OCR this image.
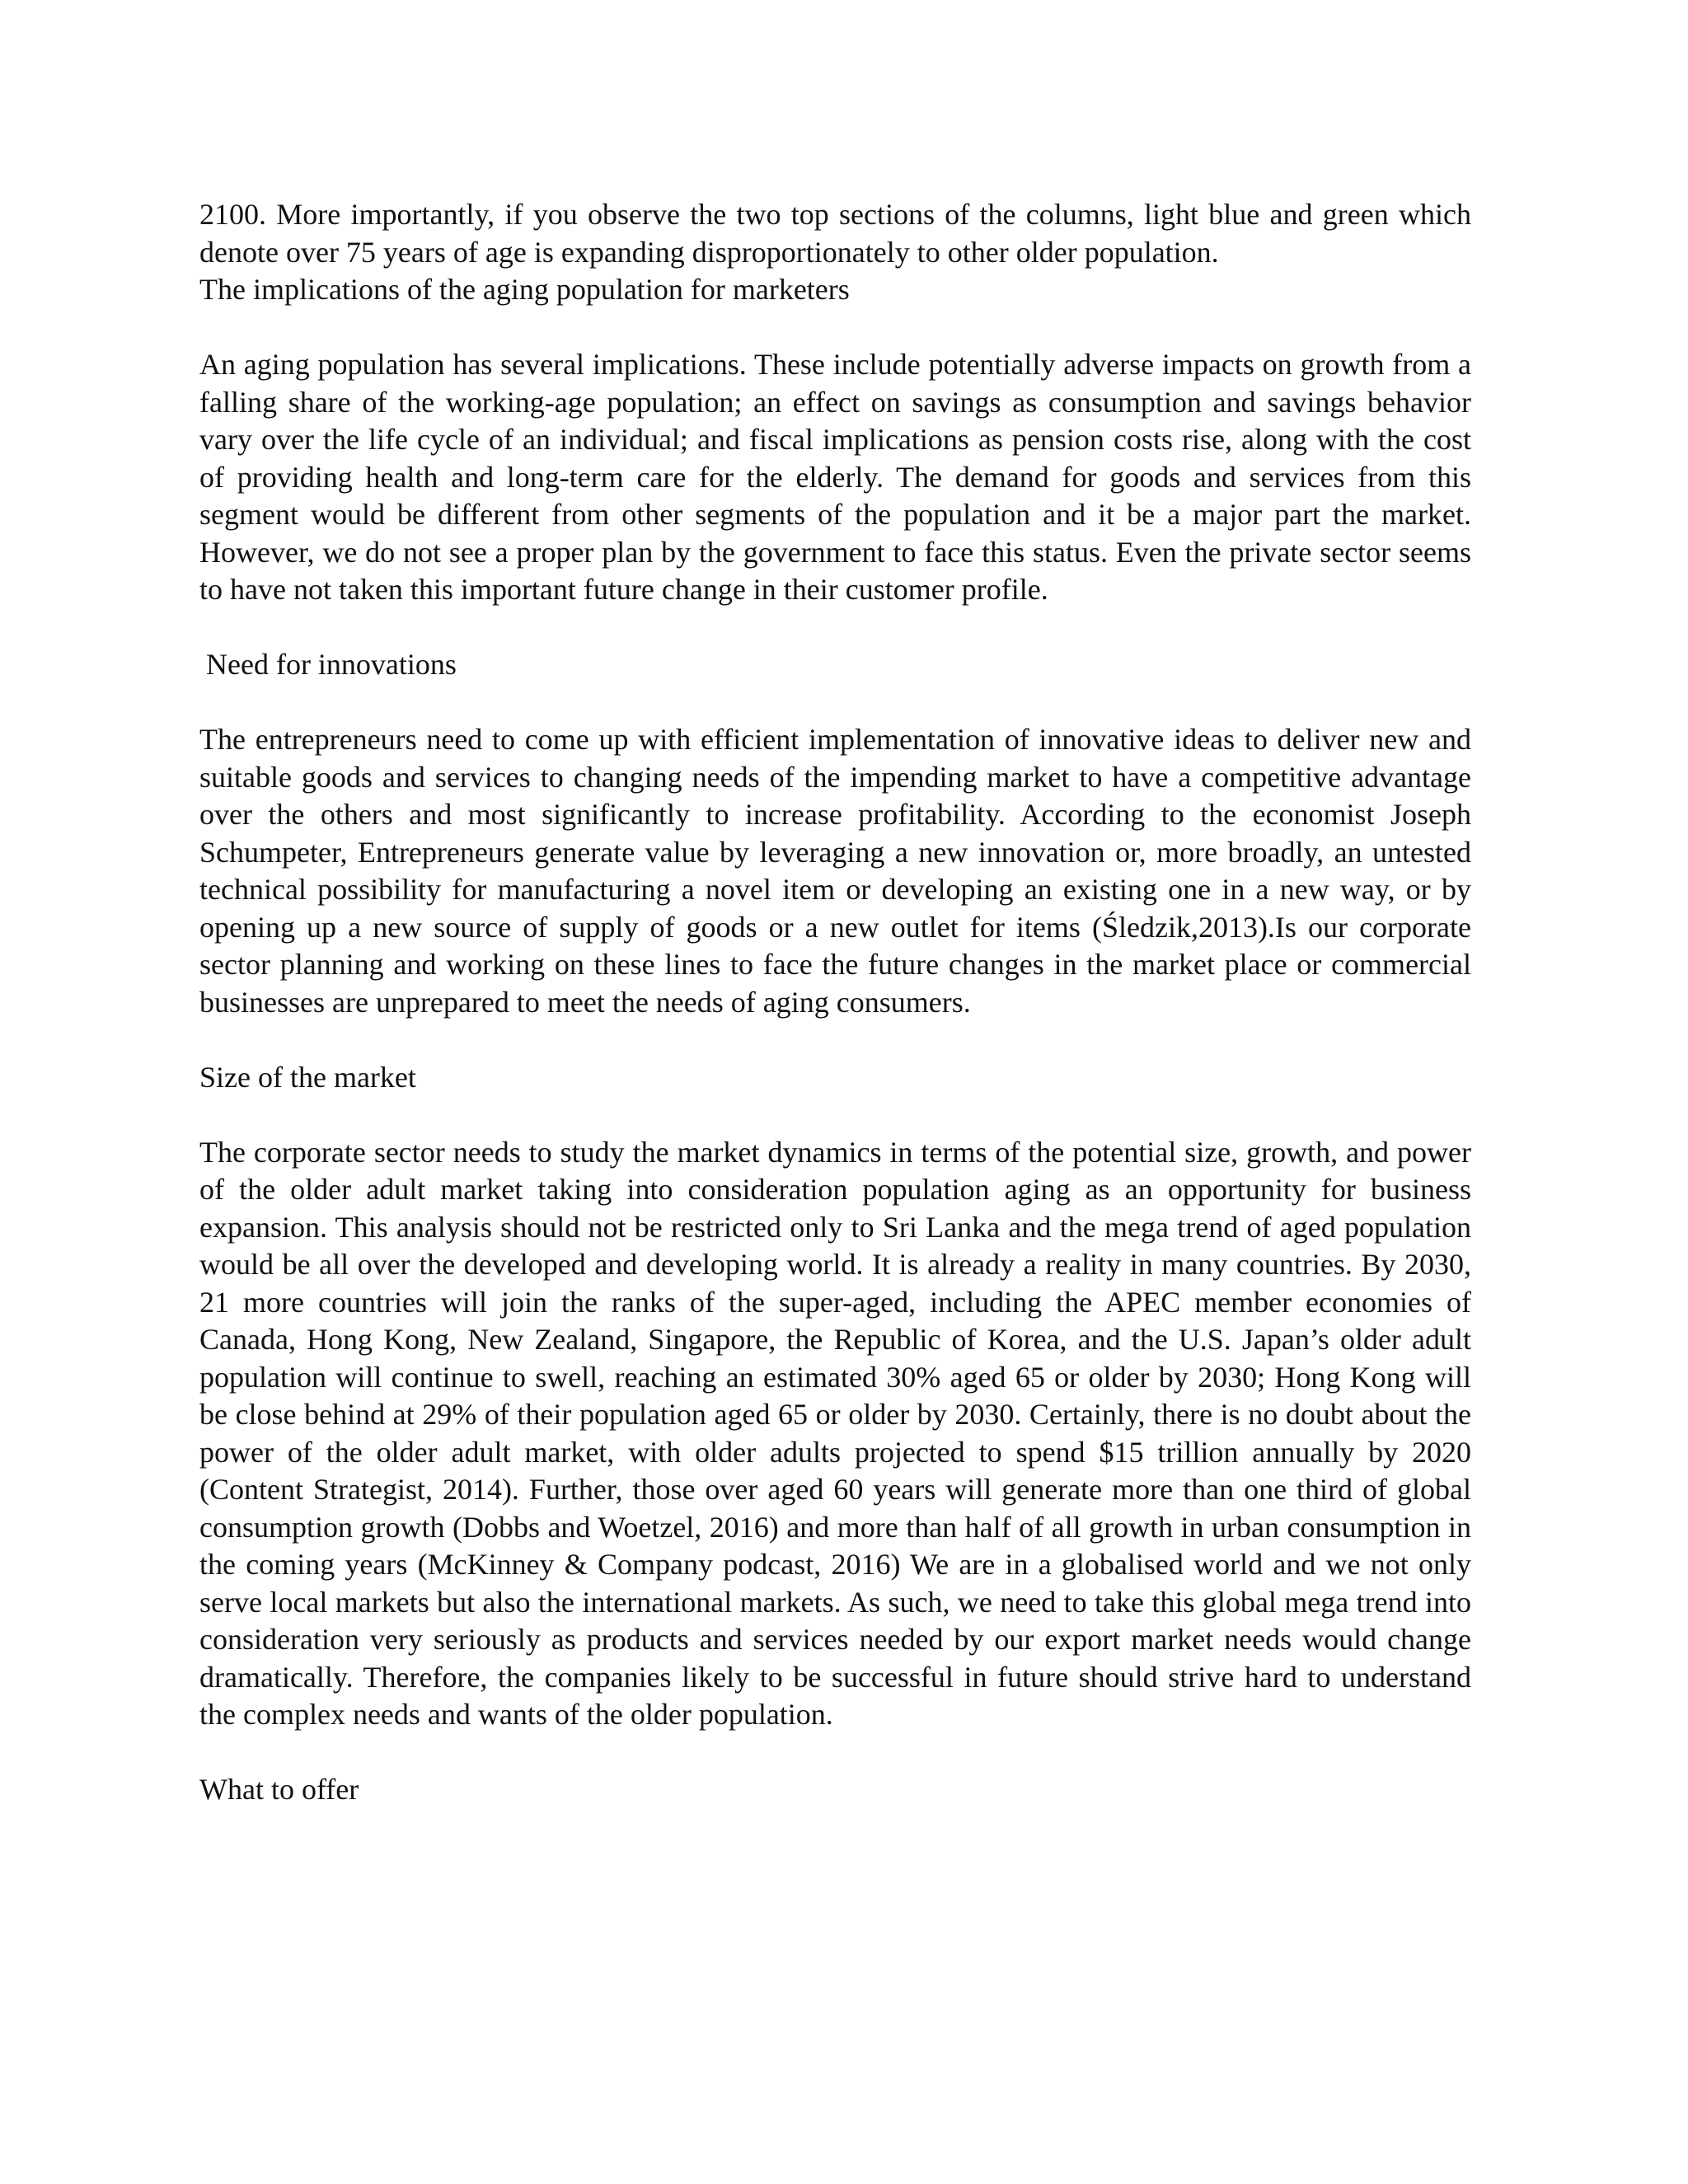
2100. More importantly, if you observe the two top sections of the columns, light blue and green which denote over 75 years of age is expanding disproportionately to other older population.

The implications of the aging population for marketers

An aging population has several implications. These include potentially adverse impacts on growth from a falling share of the working-age population; an effect on savings as consumption and savings behavior vary over the life cycle of an individual; and fiscal implications as pension costs rise, along with the cost of providing health and long-term care for the elderly. The demand for goods and services from this segment would be different from other segments of the population and it be a major part the market. However, we do not see a proper plan by the government to face this status. Even the private sector seems to have not taken this important future change in their customer profile.

Need for innovations

The entrepreneurs need to come up with efficient implementation of innovative ideas to deliver new and suitable goods and services to changing needs of the impending market to have a competitive advantage over the others and most significantly to increase profitability. According to the economist Joseph Schumpeter, Entrepreneurs generate value by leveraging a new innovation or, more broadly, an untested technical possibility for manufacturing a novel item or developing an existing one in a new way, or by opening up a new source of supply of goods or a new outlet for items (Śledzik,2013).Is our corporate sector planning and working on these lines to face the future changes in the market place or commercial businesses are unprepared to meet the needs of aging consumers.

Size of the market

The corporate sector needs to study the market dynamics in terms of the potential size, growth, and power of the older adult market taking into consideration population aging as an opportunity for business expansion. This analysis should not be restricted only to Sri Lanka and the mega trend of aged population would be all over the developed and developing world. It is already a reality in many countries. By 2030, 21 more countries will join the ranks of the super-aged, including the APEC member economies of Canada, Hong Kong, New Zealand, Singapore, the Republic of Korea, and the U.S. Japan’s older adult population will continue to swell, reaching an estimated 30% aged 65 or older by 2030; Hong Kong will be close behind at 29% of their population aged 65 or older by 2030. Certainly, there is no doubt about the power of the older adult market, with older adults projected to spend $15 trillion annually by 2020 (Content Strategist, 2014). Further, those over aged 60 years will generate more than one third of global consumption growth (Dobbs and Woetzel, 2016) and more than half of all growth in urban consumption in the coming years (McKinney & Company podcast, 2016) We are in a globalised world and we not only serve local markets but also the international markets. As such, we need to take this global mega trend into consideration very seriously as products and services needed by our export market needs would change dramatically. Therefore, the companies likely to be successful in future should strive hard to understand the complex needs and wants of the older population.

What to offer
